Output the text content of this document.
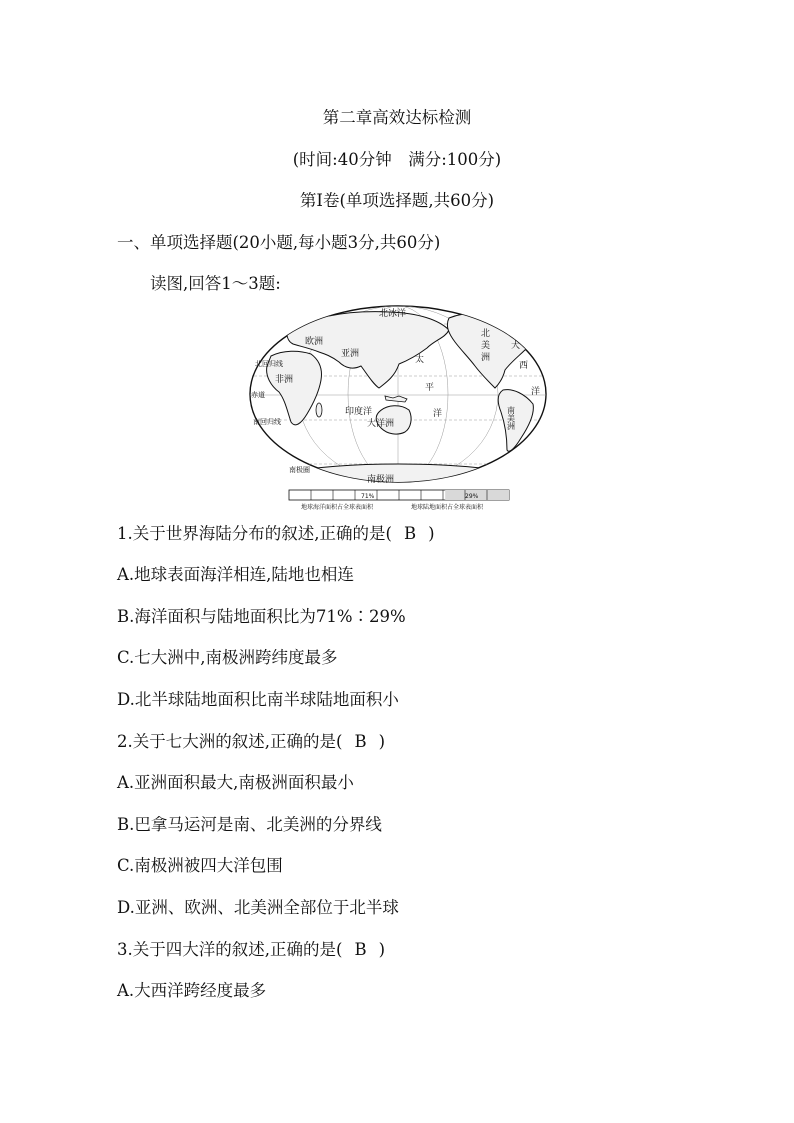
第二章高效达标检测
(时间:40分钟　满分:100分)
第Ⅰ卷(单项选择题,共60分)
一、单项选择题(20小题,每小题3分,共60分)
读图,回答1～3题:
北冰洋
欧洲
亚洲
非洲
北
美
洲
太
平
洋
大
西
洋
印度洋
大洋洲	南美洲
南极洲
北回归线
赤道
南回归线
南极圈
71%	29%
地球海洋面积占全球表面积	地球陆地面积占全球表面积
1.关于世界海陆分布的叙述,正确的是( B )
A.地球表面海洋相连,陆地也相连
B.海洋面积与陆地面积比为71%∶29%
C.七大洲中,南极洲跨纬度最多
D.北半球陆地面积比南半球陆地面积小
2.关于七大洲的叙述,正确的是( B )
A.亚洲面积最大,南极洲面积最小
B.巴拿马运河是南、北美洲的分界线
C.南极洲被四大洋包围
D.亚洲、欧洲、北美洲全部位于北半球
3.关于四大洋的叙述,正确的是( B )
A.大西洋跨经度最多
